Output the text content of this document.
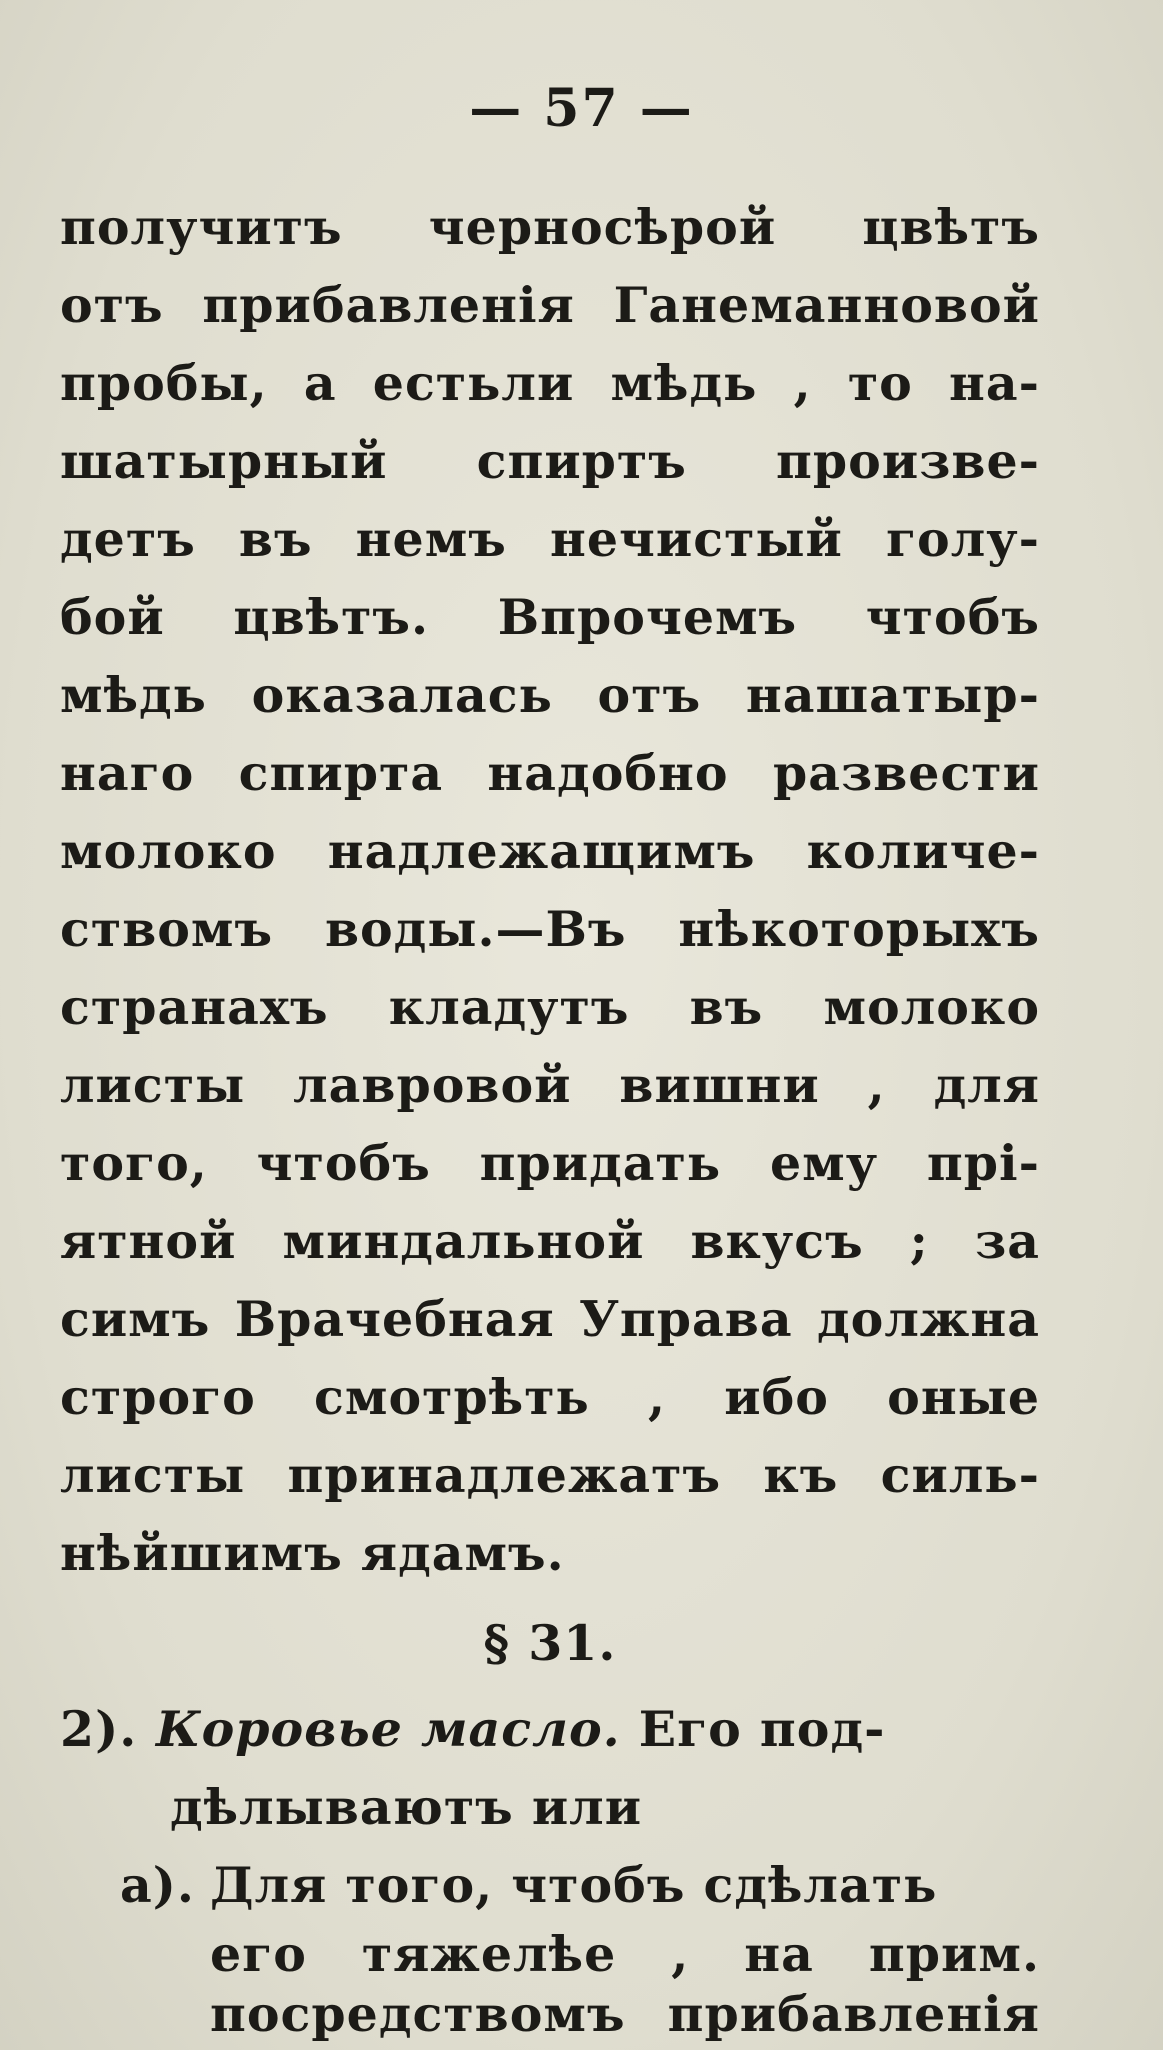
— 57 —
получитъ черносѣрой цвѣтъ
отъ прибавленія Ганеманновой
пробы, а естьли мѣдь , то на-
шатырный спиртъ произве-
детъ въ немъ нечистый голу-
бой цвѣтъ. Впрочемъ чтобъ
мѣдь оказалась отъ нашатыр-
наго спирта надобно развести
молоко надлежащимъ количе-
ствомъ воды.—Въ нѣкоторыхъ
странахъ кладутъ въ молоко
листы лавровой вишни , для
того, чтобъ придать ему прі-
ятной миндальной вкусъ ; за
симъ Врачебная Управа должна
строго смотрѣть , ибо оные
листы принадлежатъ къ силь-
нѣйшимъ ядамъ.
§ 31.
2). Коровье масло. Его под-
дѣлываютъ или
а). Для того, чтобъ сдѣлать
его тяжелѣе , на прим.
посредствомъ прибавленія
